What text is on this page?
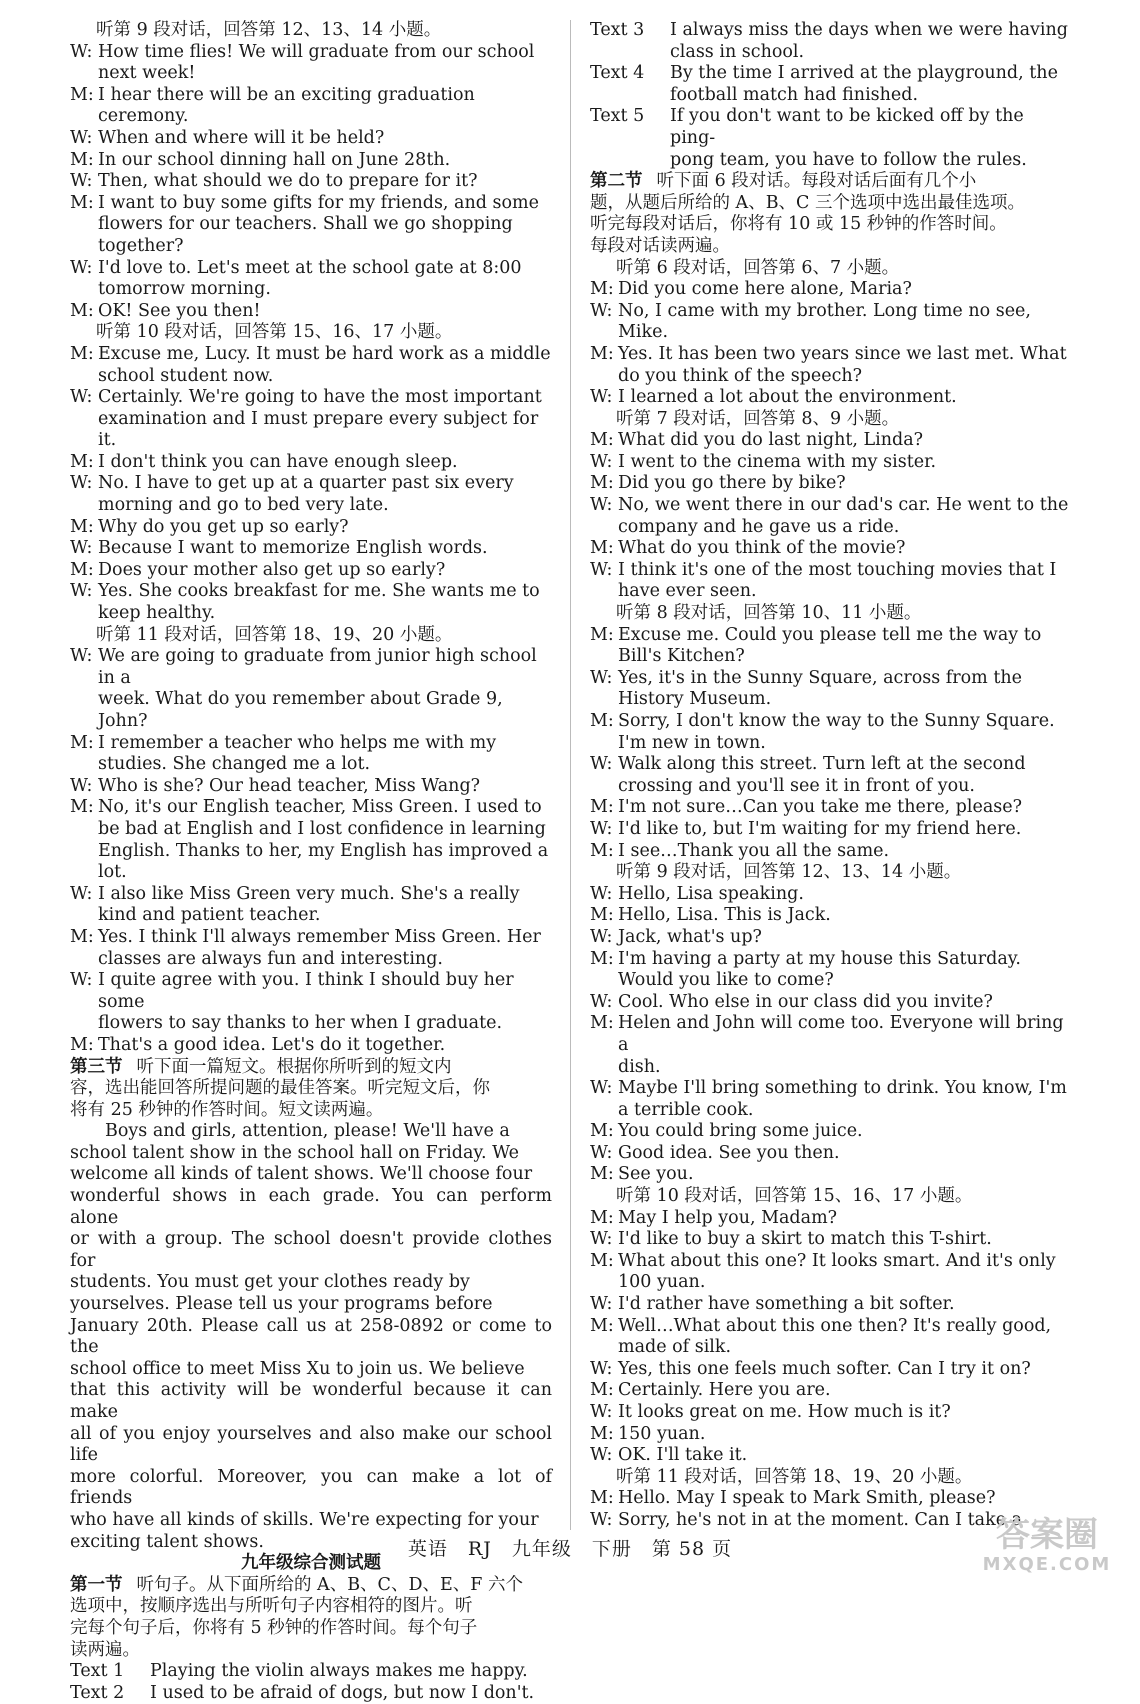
听第 9 段对话，回答第 12、13、14 小题。
W: How time flies! We will graduate from our school
next week!
M: I hear there will be an exciting graduation
ceremony.
W: When and where will it be held?
M: In our school dinning hall on June 28th.
W: Then, what should we do to prepare for it?
M: I want to buy some gifts for my friends, and some
flowers for our teachers. Shall we go shopping
together?
W: I'd love to. Let's meet at the school gate at 8:00
tomorrow morning.
M: OK! See you then!
听第 10 段对话，回答第 15、16、17 小题。
M: Excuse me, Lucy. It must be hard work as a middle
school student now.
W: Certainly. We're going to have the most important
examination and I must prepare every subject for it.
M: I don't think you can have enough sleep.
W: No. I have to get up at a quarter past six every
morning and go to bed very late.
M: Why do you get up so early?
W: Because I want to memorize English words.
M: Does your mother also get up so early?
W: Yes. She cooks breakfast for me. She wants me to
keep healthy.
听第 11 段对话，回答第 18、19、20 小题。
W: We are going to graduate from junior high school in a
week. What do you remember about Grade 9, John?
M: I remember a teacher who helps me with my
studies. She changed me a lot.
W: Who is she? Our head teacher, Miss Wang?
M: No, it's our English teacher, Miss Green. I used to
be bad at English and I lost confidence in learning
English. Thanks to her, my English has improved a
lot.
W: I also like Miss Green very much. She's a really
kind and patient teacher.
M: Yes. I think I'll always remember Miss Green. Her
classes are always fun and interesting.
W: I quite agree with you. I think I should buy her some
flowers to say thanks to her when I graduate.
M: That's a good idea. Let's do it together.
第三节 听下面一篇短文。根据你所听到的短文内
容，选出能回答所提问题的最佳答案。听完短文后，你
将有 25 秒钟的作答时间。短文读两遍。
Boys and girls, attention, please! We'll have a
school talent show in the school hall on Friday. We
welcome all kinds of talent shows. We'll choose four
wonderful shows in each grade. You can perform alone
or with a group. The school doesn't provide clothes for
students. You must get your clothes ready by
yourselves. Please tell us your programs before
January 20th. Please call us at 258-0892 or come to the
school office to meet Miss Xu to join us. We believe
that this activity will be wonderful because it can make
all of you enjoy yourselves and also make our school life
more colorful. Moreover, you can make a lot of friends
who have all kinds of skills. We're expecting for your
exciting talent shows.
九年级综合测试题
第一节 听句子。从下面所给的 A、B、C、D、E、F 六个
选项中，按顺序选出与所听句子内容相符的图片。听
完每个句子后，你将有 5 秒钟的作答时间。每个句子
读两遍。
Text 1	Playing the violin always makes me happy.
Text 2	I used to be afraid of dogs, but now I don't.
Text 3	I always miss the days when we were having
class in school.
Text 4	By the time I arrived at the playground, the
football match had finished.
Text 5	If you don't want to be kicked off by the ping-
pong team, you have to follow the rules.
第二节 听下面 6 段对话。每段对话后面有几个小
题，从题后所给的 A、B、C 三个选项中选出最佳选项。
听完每段对话后，你将有 10 或 15 秒钟的作答时间。
每段对话读两遍。
听第 6 段对话，回答第 6、7 小题。
M: Did you come here alone, Maria?
W: No, I came with my brother. Long time no see,
Mike.
M: Yes. It has been two years since we last met. What
do you think of the speech?
W: I learned a lot about the environment.
听第 7 段对话，回答第 8、9 小题。
M: What did you do last night, Linda?
W: I went to the cinema with my sister.
M: Did you go there by bike?
W: No, we went there in our dad's car. He went to the
company and he gave us a ride.
M: What do you think of the movie?
W: I think it's one of the most touching movies that I
have ever seen.
听第 8 段对话，回答第 10、11 小题。
M: Excuse me. Could you please tell me the way to
Bill's Kitchen?
W: Yes, it's in the Sunny Square, across from the
History Museum.
M: Sorry, I don't know the way to the Sunny Square.
I'm new in town.
W: Walk along this street. Turn left at the second
crossing and you'll see it in front of you.
M: I'm not sure…Can you take me there, please?
W: I'd like to, but I'm waiting for my friend here.
M: I see…Thank you all the same.
听第 9 段对话，回答第 12、13、14 小题。
W: Hello, Lisa speaking.
M: Hello, Lisa. This is Jack.
W: Jack, what's up?
M: I'm having a party at my house this Saturday.
Would you like to come?
W: Cool. Who else in our class did you invite?
M: Helen and John will come too. Everyone will bring a
dish.
W: Maybe I'll bring something to drink. You know, I'm
a terrible cook.
M: You could bring some juice.
W: Good idea. See you then.
M: See you.
听第 10 段对话，回答第 15、16、17 小题。
M: May I help you, Madam?
W: I'd like to buy a skirt to match this T-shirt.
M: What about this one? It looks smart. And it's only
100 yuan.
W: I'd rather have something a bit softer.
M: Well…What about this one then? It's really good,
made of silk.
W: Yes, this one feels much softer. Can I try it on?
M: Certainly. Here you are.
W: It looks great on me. How much is it?
M: 150 yuan.
W: OK. I'll take it.
听第 11 段对话，回答第 18、19、20 小题。
M: Hello. May I speak to Mark Smith, please?
W: Sorry, he's not in at the moment. Can I take a
英语　RJ　九年级　下册　第 58 页	答案圈
MXQE.COM
